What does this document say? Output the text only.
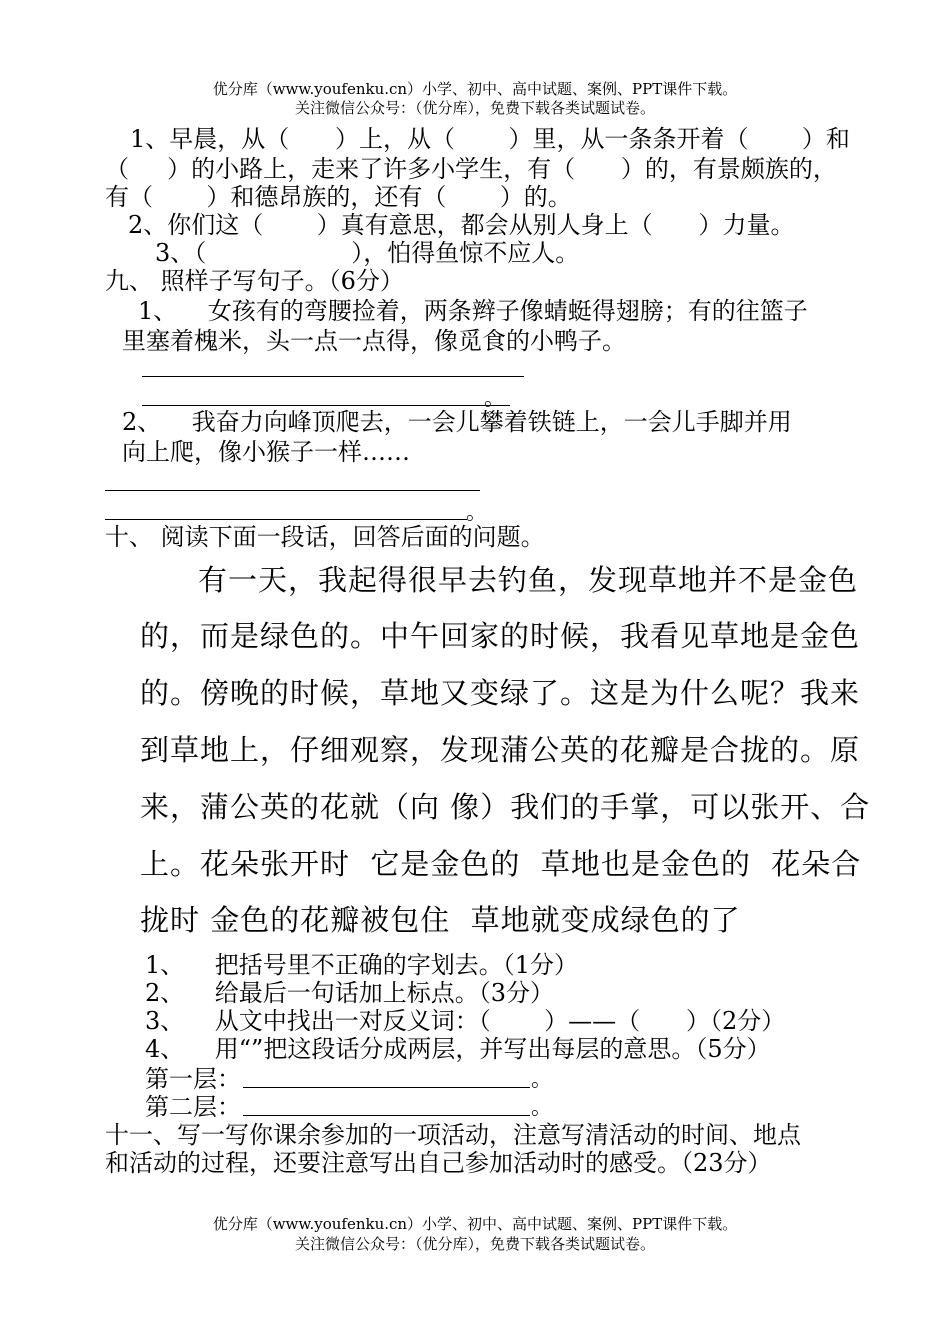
优分库（www.youfenku.cn）小学、初中、高中试题、案例、PPT课件下载。
关注微信公众号：（优分库），免费下载各类试题试卷。
1、早晨，从（      ）上，从（       ）里，从一条条开着（       ）和
（     ）的小路上，走来了许多小学生，有（      ）的，有景颇族的，
有（       ）和德昂族的，还有（       ）的。
2、你们这（       ）真有意思，都会从别人身上（      ）力量。
3、（                   ），怕得鱼惊不应人。
九、 照样子写句子。（6分）
1、    女孩有的弯腰捡着，两条辫子像蜻蜓得翅膀；有的往篮子
里塞着槐米，头一点一点得，像觅食的小鸭子。
。
2、    我奋力向峰顶爬去，一会儿攀着铁链上，一会儿手脚并用
向上爬，像小猴子一样……
。
十、 阅读下面一段话，回答后面的问题。
有一天，我起得很早去钓鱼，发现草地并不是金色
的，而是绿色的。中午回家的时候，我看见草地是金色
的。傍晚的时候，草地又变绿了。这是为什么呢？我来
到草地上，仔细观察，发现蒲公英的花瓣是合拢的。原
来，蒲公英的花就（向 像）我们的手掌，可以张开、合
上。花朵张开时  它是金色的  草地也是金色的  花朵合
拢时 金色的花瓣被包住  草地就变成绿色的了
1、    把括号里不正确的字划去。（1分）
2、    给最后一句话加上标点。（3分）
3、    从文中找出一对反义词：（       ）——（      ）（2分）
4、    用“”把这段话分成两层，并写出每层的意思。（5分）
第一层：	。
第二层：	。
十一、写一写你课余参加的一项活动，注意写清活动的时间、地点
和活动的过程，还要注意写出自己参加活动时的感受。（23分）
优分库（www.youfenku.cn）小学、初中、高中试题、案例、PPT课件下载。
关注微信公众号：（优分库），免费下载各类试题试卷。
